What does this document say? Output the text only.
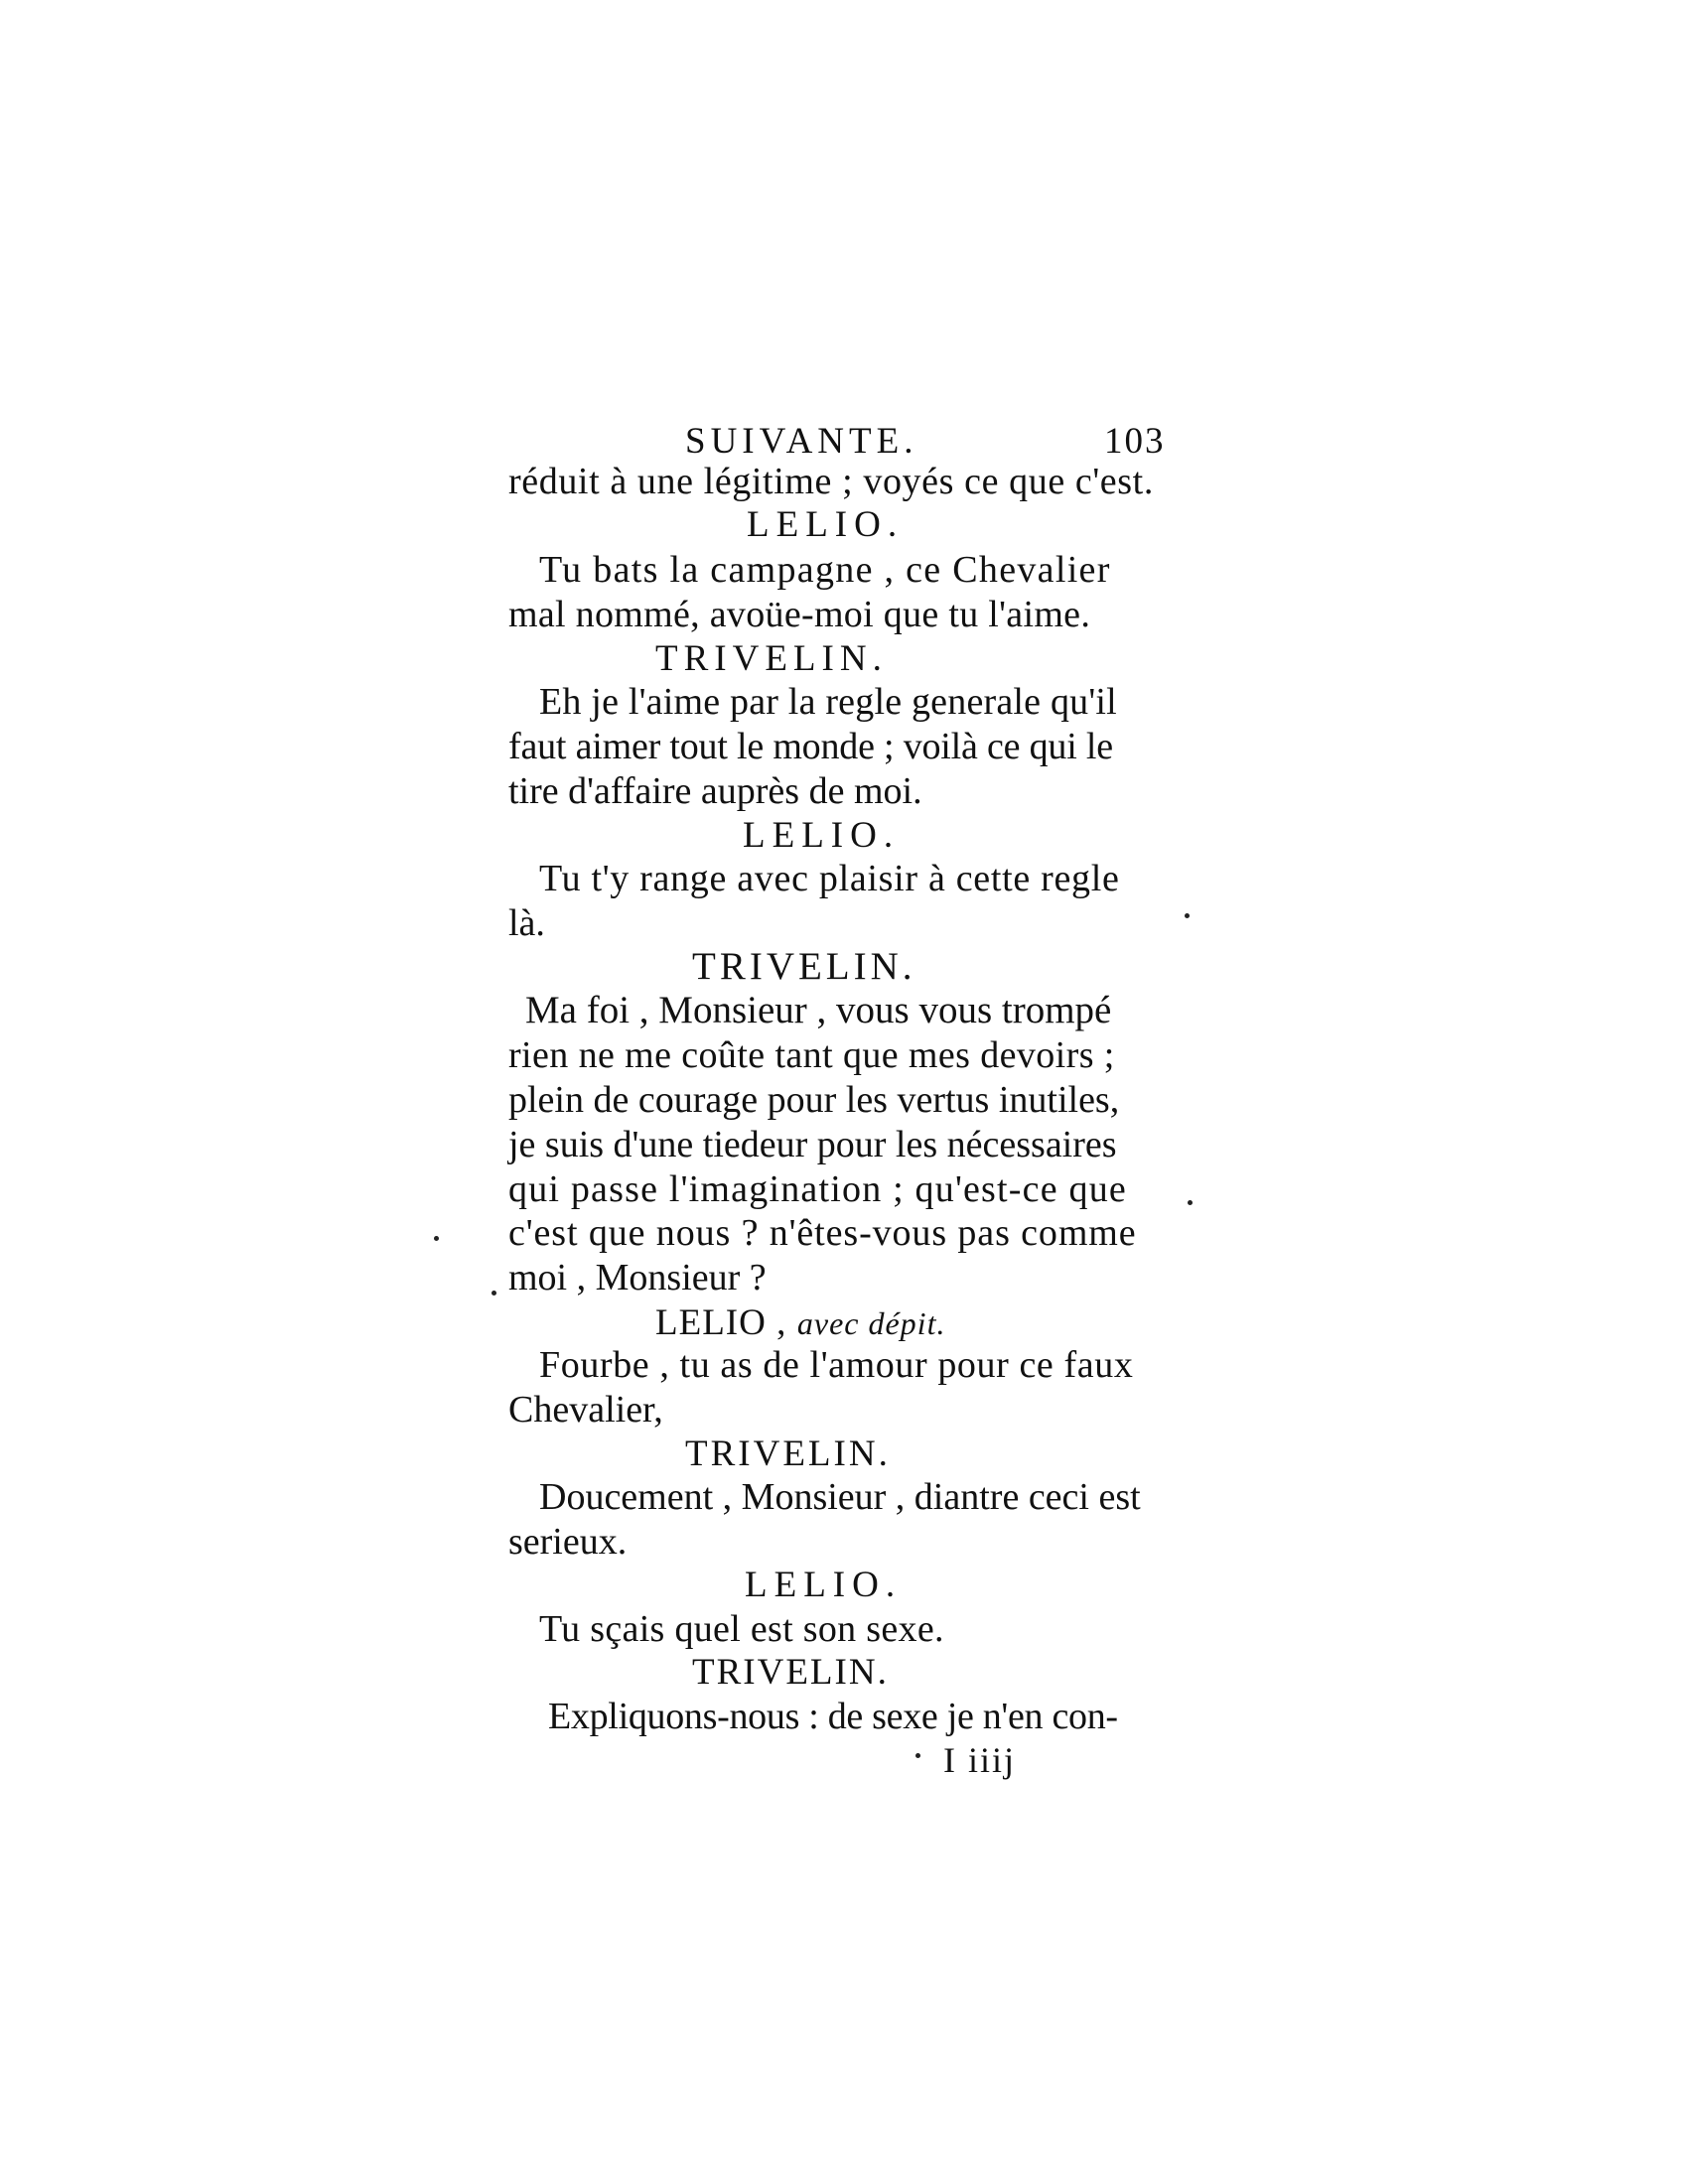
SUIVANTE.	103
réduit à une légitime ; voyés ce que c'est.
LELIO.
Tu bats la campagne , ce Chevalier
mal nommé, avoüe-moi que tu l'aime.
TRIVELIN.
Eh je l'aime par la regle generale qu'il
faut aimer tout le monde ; voilà ce qui le
tire d'affaire auprès de moi.
LELIO.
Tu t'y range avec plaisir à cette regle
là.
TRIVELIN.
Ma foi , Monsieur , vous vous trompé
rien ne me coûte tant que mes devoirs ;
plein de courage pour les vertus inutiles,
je suis d'une tiedeur pour les nécessaires
qui passe l'imagination ; qu'est-ce que
c'est que nous ? n'êtes-vous pas comme
moi , Monsieur ?
LELIO , avec dépit.
Fourbe , tu as de l'amour pour ce faux
Chevalier,
TRIVELIN.
Doucement , Monsieur , diantre ceci est
serieux.
LELIO.
Tu sçais quel est son sexe.
TRIVELIN.
Expliquons-nous : de sexe je n'en con-
I iiij
